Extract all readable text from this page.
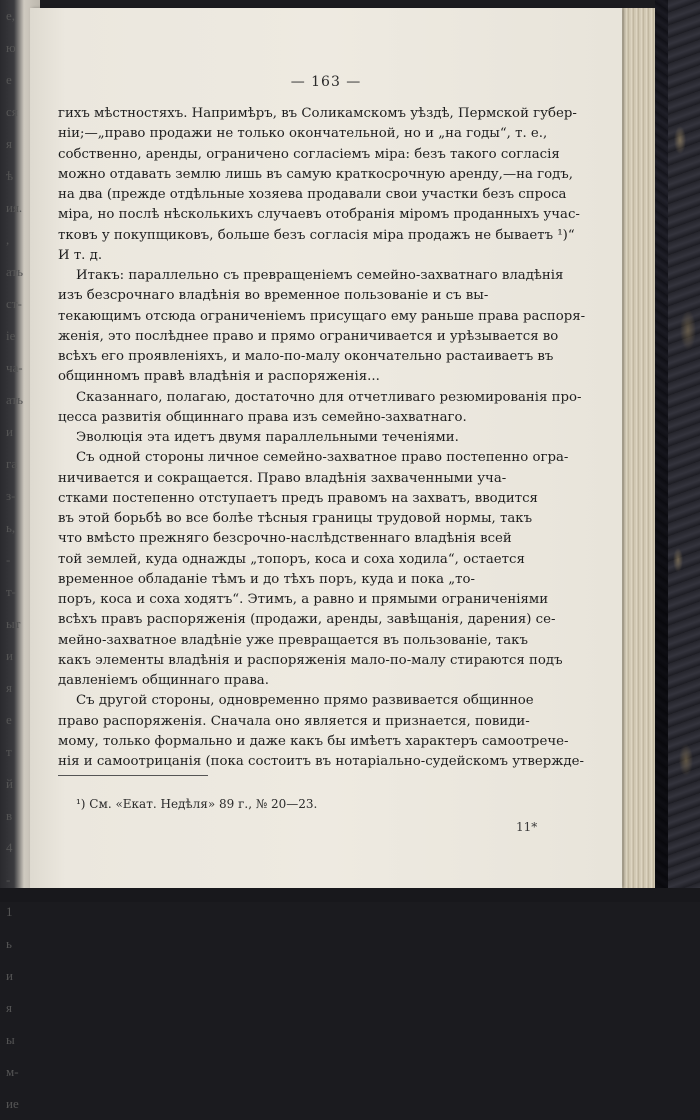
e,
ю
е
ся
я
ѣ
ия.
,
ать
ст-
ie
ча-
ать
и
га
з-
ь,
-
т-
ыт
и
я
е
т
й
в
4
-
1
ь
и
я
ы
м-
ие
— 163 —
гихъ мѣстностяхъ. Напримѣръ, въ Соликамскомъ уѣздѣ, Пермской губер-
нiи;—„право продажи не только окончательной, но и „на годы“, т. е.,
собственно, аренды, ограничено согласiемъ мiра: безъ такого согласiя
можно отдавать землю лишь въ самую краткосрочную аренду,—на годъ,
на два (прежде отдѣльные хозяева продавали свои участки безъ спроса
мiра, но послѣ нѣсколькихъ случаевъ отобранiя мiромъ проданныхъ учас-
тковъ у покупщиковъ, больше безъ согласiя мiра продажъ не бываетъ ¹)“
И т. д.
Итакъ: параллельно съ превращенiемъ семейно-захватнаго владѣнiя
изъ безсрочнаго владѣнiя во временное пользованiе и съ вы-
текающимъ отсюда ограниченiемъ присущаго ему раньше права распоря-
женiя, это послѣднее право и прямо ограничивается и урѣзывается во
всѣхъ его проявленiяхъ, и мало-по-малу окончательно растаиваетъ въ
общинномъ правѣ владѣнiя и распоряженiя...
Сказаннаго, полагаю, достаточно для отчетливаго резюмированiя про-
цесса развитiя общиннаго права изъ семейно-захватнаго.
Эволюцiя эта идетъ двумя параллельными теченiями.
Съ одной стороны личное семейно-захватное право постепенно огра-
ничивается и сокращается. Право владѣнiя захваченными уча-
стками постепенно отступаетъ предъ правомъ на захватъ, вводится
въ этой борьбѣ во все болѣе тѣсныя границы трудовой нормы, такъ
что вмѣсто прежняго безсрочно-наслѣдственнаго владѣнiя всей
той землей, куда однажды „топоръ, коса и соха ходила“, остается
временное обладанiе тѣмъ и до тѣхъ поръ, куда и пока „то-
поръ, коса и соха ходятъ“. Этимъ, а равно и прямыми ограниченiями
всѣхъ правъ распоряженiя (продажи, аренды, завѣщанiя, дарения) се-
мейно-захватное владѣнiе уже превращается въ пользованiе, такъ
какъ элементы владѣнiя и распоряженiя мало-по-малу стираются подъ
давленiемъ общиннаго права.
Съ другой стороны, одновременно прямо развивается общинное
право распоряженiя. Сначала оно является и признается, повиди-
мому, только формально и даже какъ бы имѣетъ характеръ самоотрече-
нiя и самоотрицанiя (пока состоитъ въ нотарiально-судейскомъ утвержде-
¹) См. «Екат. Недѣля» 89 г., № 20—23.
11*
